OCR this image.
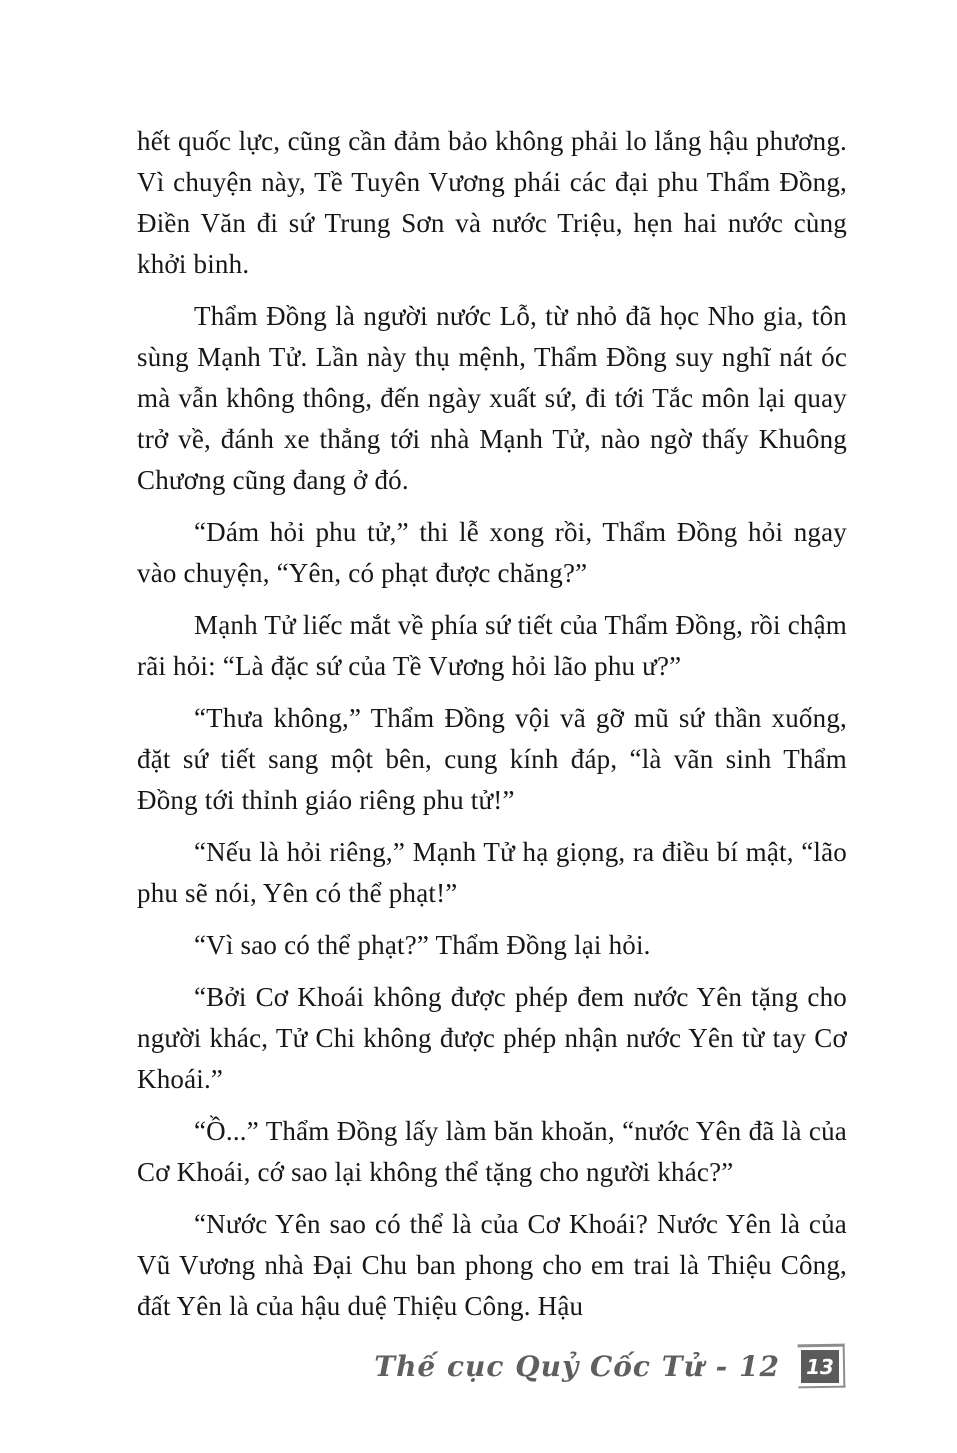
hết quốc lực, cũng cần đảm bảo không phải lo lắng hậu phương. Vì chuyện này, Tề Tuyên Vương phái các đại phu Thẩm Đồng, Điền Văn đi sứ Trung Sơn và nước Triệu, hẹn hai nước cùng khởi binh.

Thẩm Đồng là người nước Lỗ, từ nhỏ đã học Nho gia, tôn sùng Mạnh Tử. Lần này thụ mệnh, Thẩm Đồng suy nghĩ nát óc mà vẫn không thông, đến ngày xuất sứ, đi tới Tắc môn lại quay trở về, đánh xe thẳng tới nhà Mạnh Tử, nào ngờ thấy Khuông Chương cũng đang ở đó.

“Dám hỏi phu tử,” thi lễ xong rồi, Thẩm Đồng hỏi ngay vào chuyện, “Yên, có phạt được chăng?”

Mạnh Tử liếc mắt về phía sứ tiết của Thẩm Đồng, rồi chậm rãi hỏi: “Là đặc sứ của Tề Vương hỏi lão phu ư?”

“Thưa không,” Thẩm Đồng vội vã gỡ mũ sứ thần xuống, đặt sứ tiết sang một bên, cung kính đáp, “là vãn sinh Thẩm Đồng tới thỉnh giáo riêng phu tử!”

“Nếu là hỏi riêng,” Mạnh Tử hạ giọng, ra điều bí mật, “lão phu sẽ nói, Yên có thể phạt!”

“Vì sao có thể phạt?” Thẩm Đồng lại hỏi.

“Bởi Cơ Khoái không được phép đem nước Yên tặng cho người khác, Tử Chi không được phép nhận nước Yên từ tay Cơ Khoái.”

“Ồ...” Thẩm Đồng lấy làm băn khoăn, “nước Yên đã là của Cơ Khoái, cớ sao lại không thể tặng cho người khác?”

“Nước Yên sao có thể là của Cơ Khoái? Nước Yên là của Vũ Vương nhà Đại Chu ban phong cho em trai là Thiệu Công, đất Yên là của hậu duệ Thiệu Công. Hậu

Thế cục Quỷ Cốc Tử - 12 13
